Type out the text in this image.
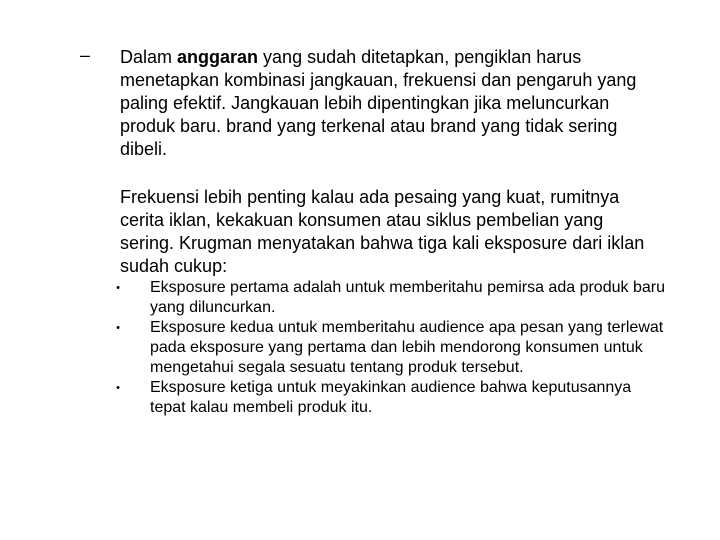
– Dalam anggaran yang sudah ditetapkan, pengiklan harus menetapkan kombinasi jangkauan, frekuensi dan pengaruh yang paling efektif. Jangkauan lebih dipentingkan jika meluncurkan produk baru. brand yang terkenal atau brand yang tidak sering dibeli.
Frekuensi lebih penting kalau ada pesaing yang kuat, rumitnya cerita iklan, kekakuan konsumen atau siklus pembelian yang sering. Krugman menyatakan bahwa tiga kali eksposure dari iklan sudah cukup:
•	Eksposure pertama adalah untuk memberitahu pemirsa ada produk baru yang diluncurkan.
•	Eksposure kedua untuk memberitahu audience apa pesan yang terlewat pada eksposure yang pertama dan lebih mendorong konsumen untuk mengetahui segala sesuatu tentang produk tersebut.
•	Eksposure ketiga untuk meyakinkan audience bahwa keputusannya tepat kalau membeli produk itu.
